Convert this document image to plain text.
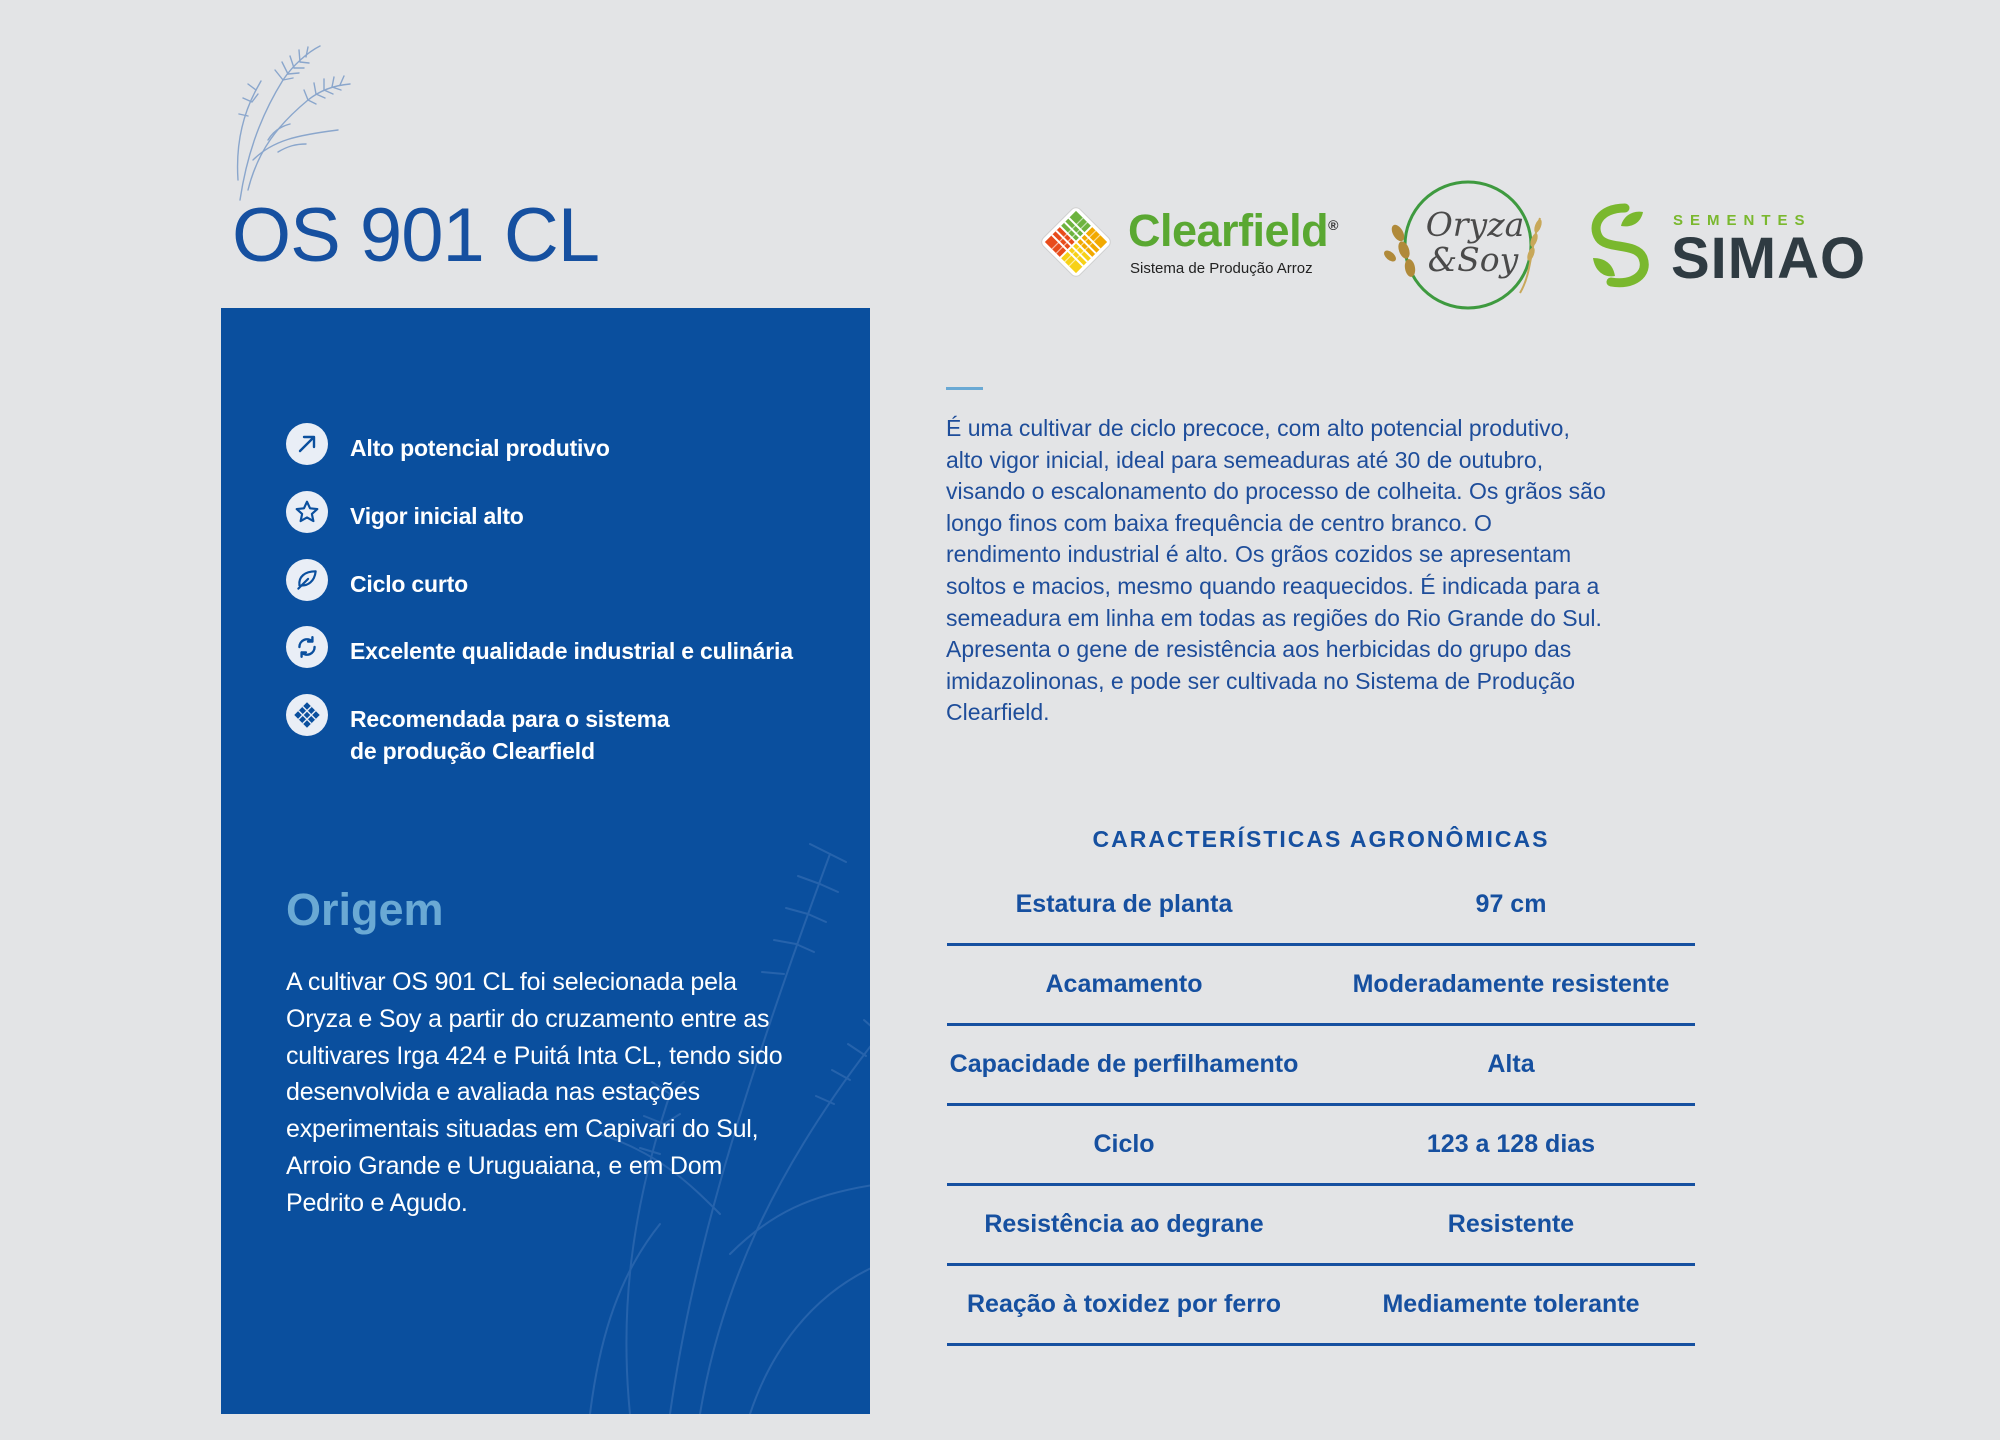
OS 901 CL	Clearfield®
Sistema de Produção Arroz
Oryza
&Soy
SEMENTES
SIMAO
Alto potencial produtivo
Vigor inicial alto
Ciclo curto
Excelente qualidade industrial e culinária
Recomendada para o sistema
de produção Clearfield
Origem
A cultivar OS 901 CL foi selecionada pela Oryza e Soy a partir do cruzamento entre as cultivares Irga 424 e Puitá Inta CL, tendo sido desenvolvida e avaliada nas estações experimentais situadas em Capivari do Sul, Arroio Grande e Uruguaiana, e em Dom Pedrito e Agudo.
É uma cultivar de ciclo precoce, com alto potencial produtivo, alto vigor inicial, ideal para semeaduras até 30 de outubro, visando o escalonamento do processo de colheita. Os grãos são longo finos com baixa frequência de centro branco. O rendimento industrial é alto. Os grãos cozidos se apresentam soltos e macios, mesmo quando reaquecidos. É indicada para a semeadura em linha em todas as regiões do Rio Grande do Sul. Apresenta o gene de resistência aos herbicidas do grupo das imidazolinonas, e pode ser cultivada no Sistema de Produção Clearfield.
CARACTERÍSTICAS AGRONÔMICAS
Estatura de planta	97 cm
Acamamento	Moderadamente resistente
Capacidade de perfilhamento	Alta
Ciclo	123 a 128 dias
Resistência ao degrane	Resistente
Reação à toxidez por ferro	Mediamente tolerante
